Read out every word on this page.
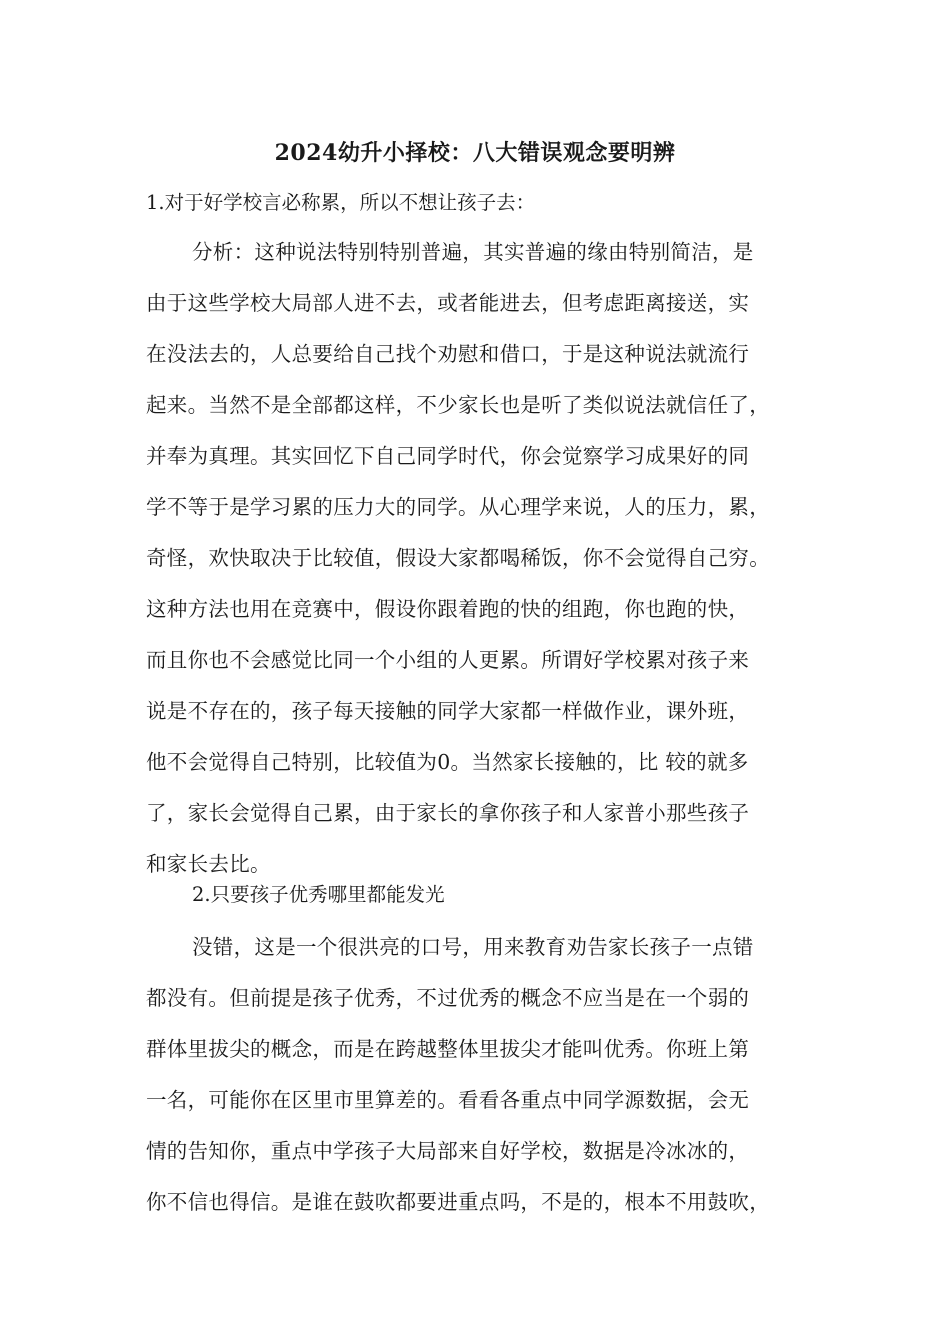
2024幼升小择校：八大错误观念要明辨
1.对于好学校言必称累，所以不想让孩子去：
分析：这种说法特别特别普遍，其实普遍的缘由特别简洁，是
由于这些学校大局部人进不去，或者能进去，但考虑距离接送，实
在没法去的，人总要给自己找个劝慰和借口，于是这种说法就流行
起来。当然不是全部都这样，不少家长也是听了类似说法就信任了，
并奉为真理。其实回忆下自己同学时代，你会觉察学习成果好的同
学不等于是学习累的压力大的同学。从心理学来说，人的压力，累，
奇怪，欢快取决于比较值，假设大家都喝稀饭，你不会觉得自己穷。
这种方法也用在竞赛中，假设你跟着跑的快的组跑，你也跑的快，
而且你也不会感觉比同一个小组的人更累。所谓好学校累对孩子来
说是不存在的，孩子每天接触的同学大家都一样做作业，课外班，
他不会觉得自己特别，比较值为0。当然家长接触的，比 较的就多
了，家长会觉得自己累，由于家长的拿你孩子和人家普小那些孩子
和家长去比。
2.只要孩子优秀哪里都能发光
没错，这是一个很洪亮的口号，用来教育劝告家长孩子一点错
都没有。但前提是孩子优秀，不过优秀的概念不应当是在一个弱的
群体里拔尖的概念，而是在跨越整体里拔尖才能叫优秀。你班上第
一名，可能你在区里市里算差的。看看各重点中同学源数据，会无
情的告知你，重点中学孩子大局部来自好学校，数据是冷冰冰的，
你不信也得信。是谁在鼓吹都要进重点吗，不是的，根本不用鼓吹，
